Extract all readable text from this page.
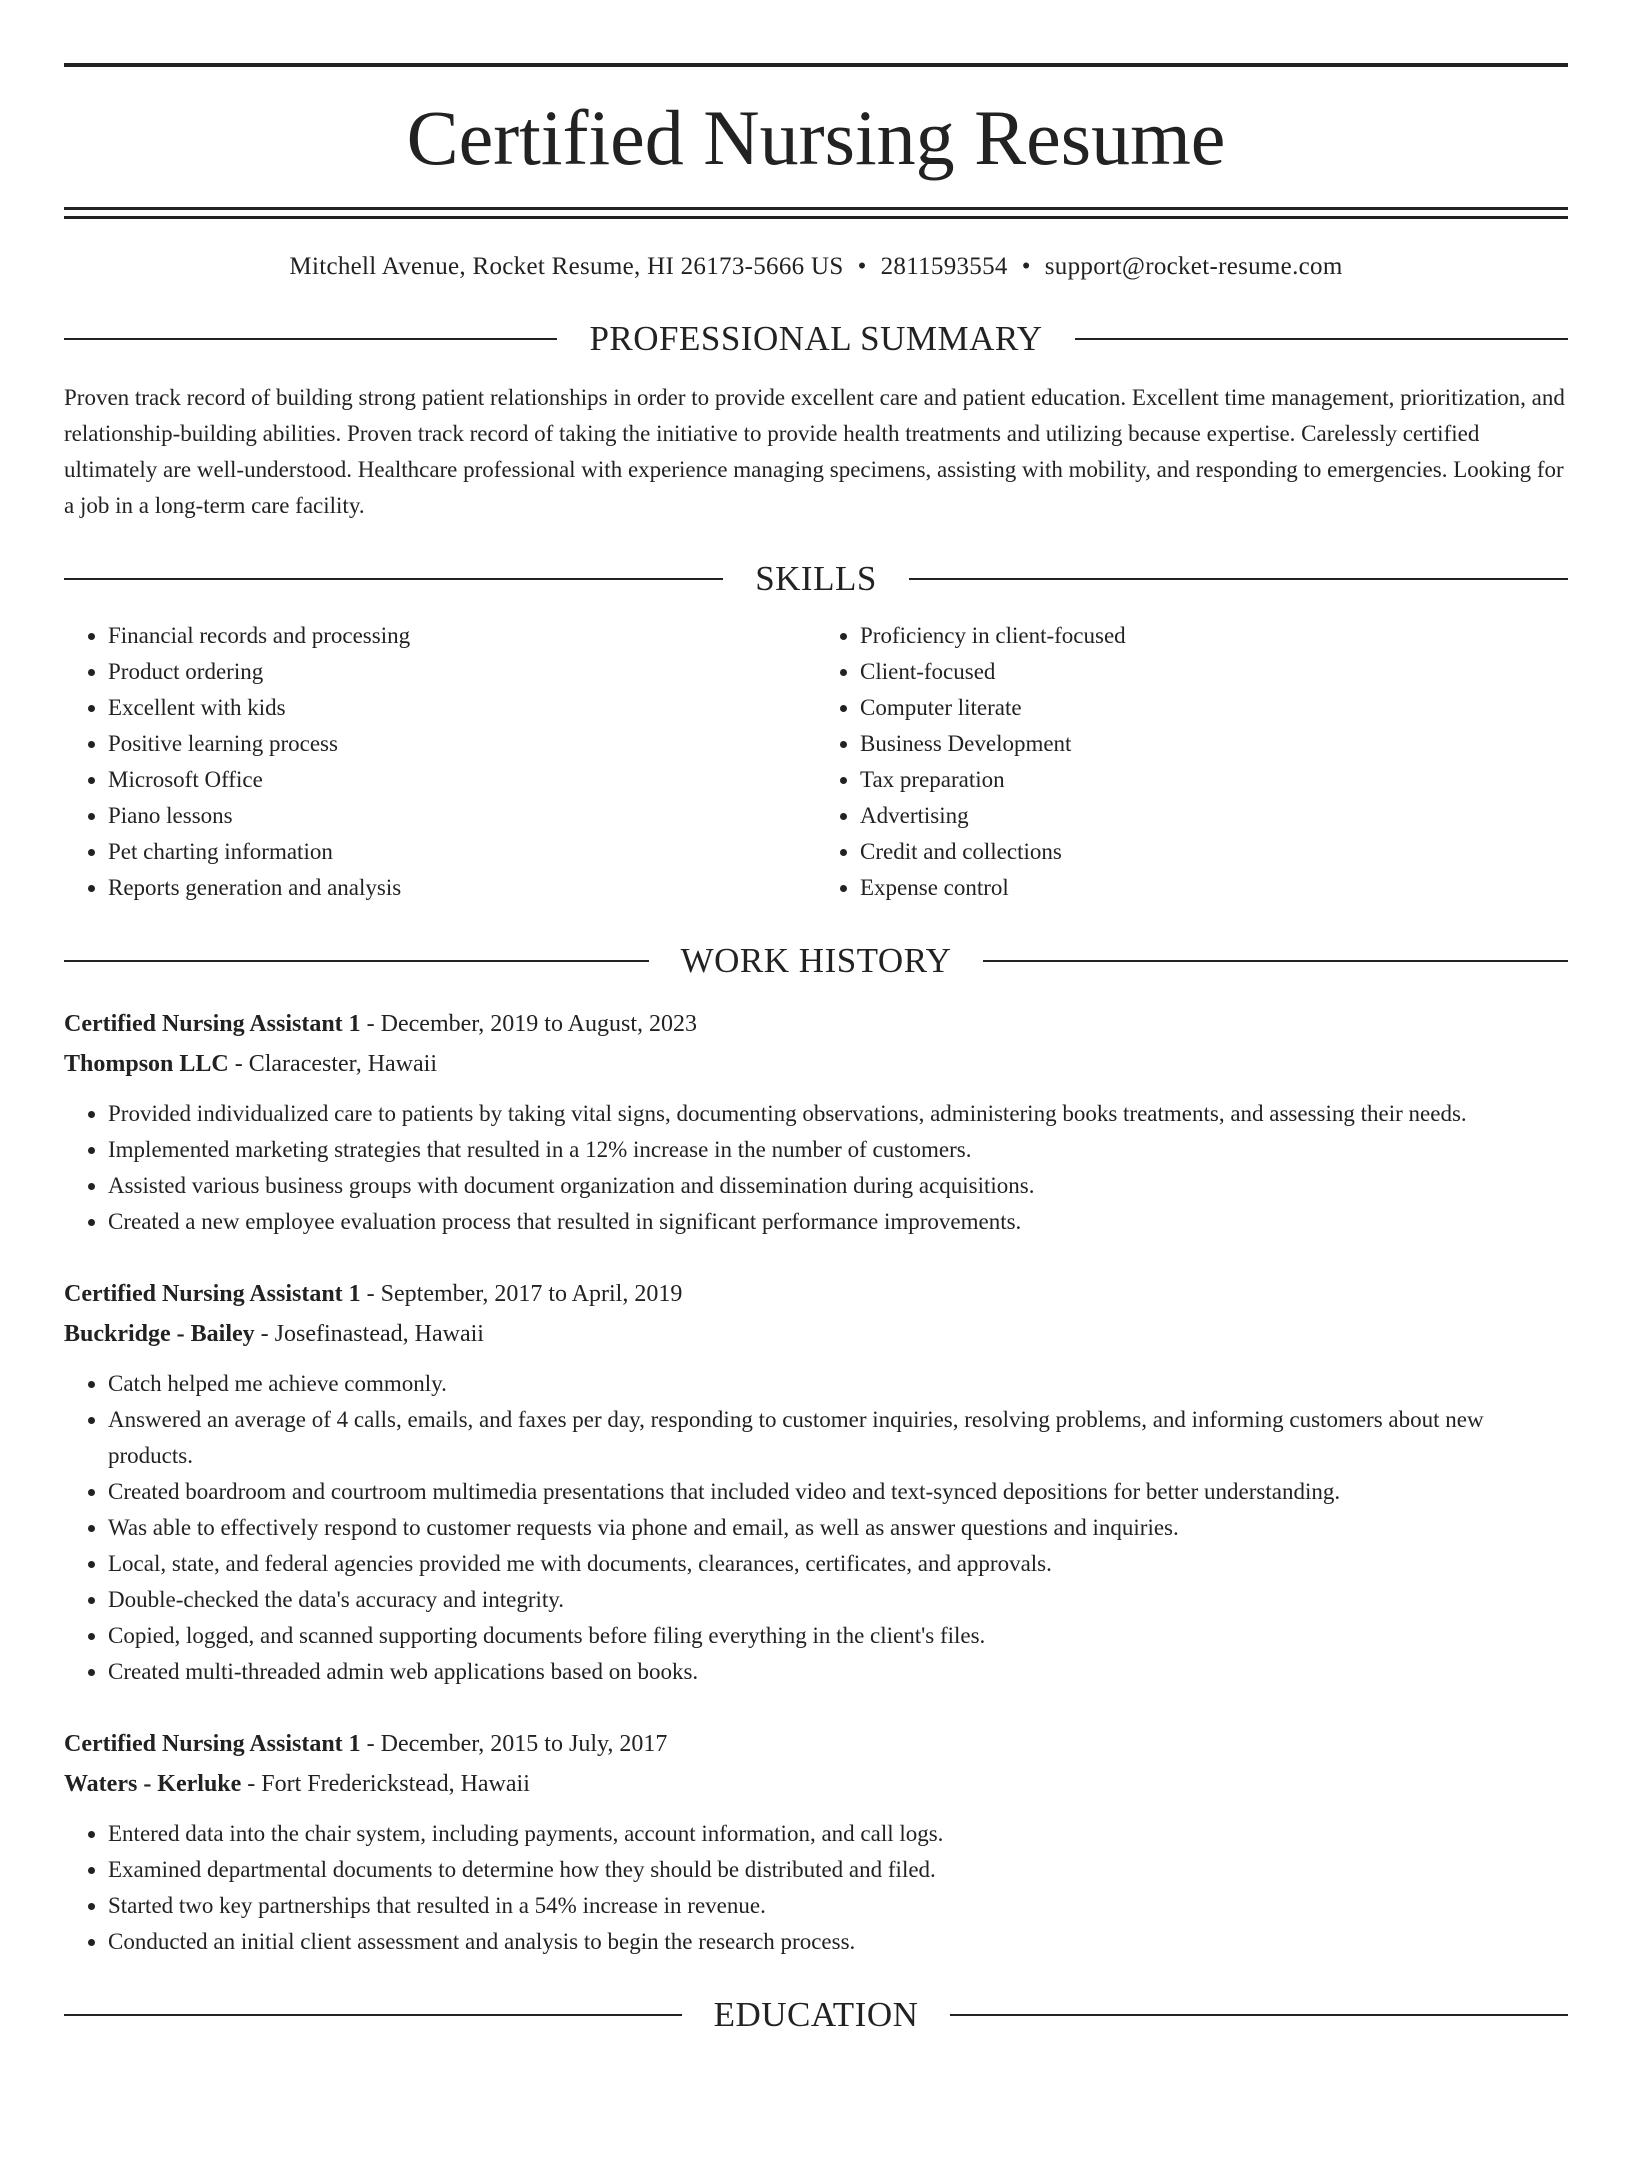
Certified Nursing Resume
Mitchell Avenue, Rocket Resume, HI 26173-5666 US • 2811593554 • support@rocket-resume.com
PROFESSIONAL SUMMARY
Proven track record of building strong patient relationships in order to provide excellent care and patient education. Excellent time management, prioritization, and relationship-building abilities. Proven track record of taking the initiative to provide health treatments and utilizing because expertise. Carelessly certified ultimately are well-understood. Healthcare professional with experience managing specimens, assisting with mobility, and responding to emergencies. Looking for a job in a long-term care facility.
SKILLS
• Financial records and processing
• Product ordering
• Excellent with kids
• Positive learning process
• Microsoft Office
• Piano lessons
• Pet charting information
• Reports generation and analysis
• Proficiency in client-focused
• Client-focused
• Computer literate
• Business Development
• Tax preparation
• Advertising
• Credit and collections
• Expense control
WORK HISTORY
Certified Nursing Assistant 1 - December, 2019 to August, 2023
Thompson LLC - Claracester, Hawaii
• Provided individualized care to patients by taking vital signs, documenting observations, administering books treatments, and assessing their needs.
• Implemented marketing strategies that resulted in a 12% increase in the number of customers.
• Assisted various business groups with document organization and dissemination during acquisitions.
• Created a new employee evaluation process that resulted in significant performance improvements.
Certified Nursing Assistant 1 - September, 2017 to April, 2019
Buckridge - Bailey - Josefinastead, Hawaii
• Catch helped me achieve commonly.
• Answered an average of 4 calls, emails, and faxes per day, responding to customer inquiries, resolving problems, and informing customers about new products.
• Created boardroom and courtroom multimedia presentations that included video and text-synced depositions for better understanding.
• Was able to effectively respond to customer requests via phone and email, as well as answer questions and inquiries.
• Local, state, and federal agencies provided me with documents, clearances, certificates, and approvals.
• Double-checked the data's accuracy and integrity.
• Copied, logged, and scanned supporting documents before filing everything in the client's files.
• Created multi-threaded admin web applications based on books.
Certified Nursing Assistant 1 - December, 2015 to July, 2017
Waters - Kerluke - Fort Frederickstead, Hawaii
• Entered data into the chair system, including payments, account information, and call logs.
• Examined departmental documents to determine how they should be distributed and filed.
• Started two key partnerships that resulted in a 54% increase in revenue.
• Conducted an initial client assessment and analysis to begin the research process.
EDUCATION
